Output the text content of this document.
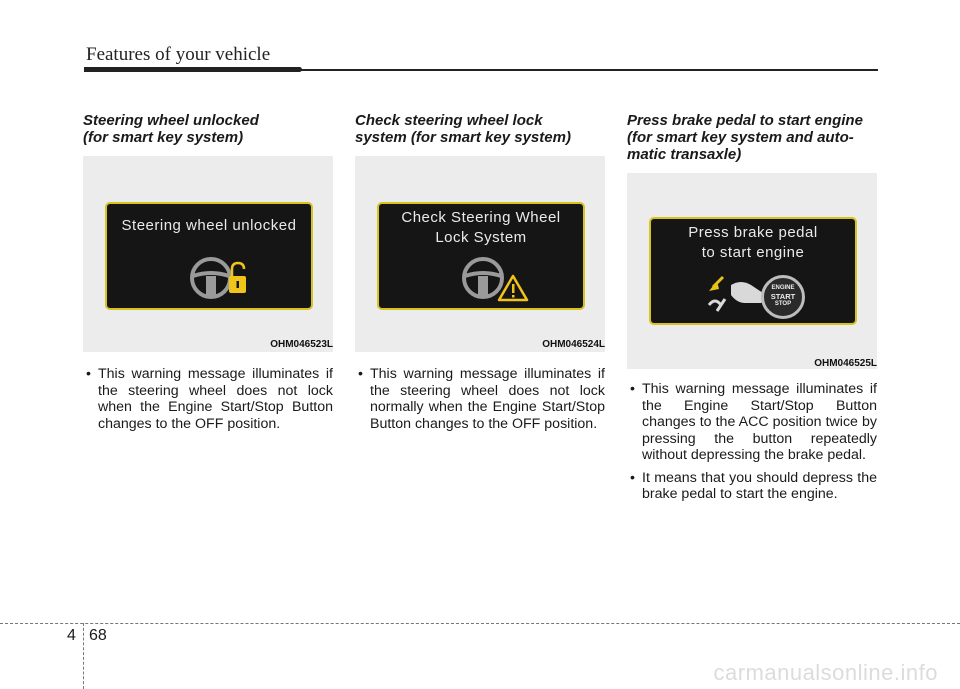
Features of your vehicle
Steering wheel unlocked
(for smart key system)
Steering wheel unlocked
OHM046523L
• This warning message illuminates if the steering wheel does not lock when the Engine Start/Stop Button changes to the OFF position.
Check steering wheel lock
system (for smart key system)
Check Steering Wheel
Lock System
OHM046524L
• This warning message illuminates if the steering wheel does not lock normally when the Engine Start/Stop Button changes to the OFF position.
Press brake pedal to start engine
(for smart key system and auto-
matic transaxle)
Press brake pedal
to start engine
ENGINE
START
STOP
OHM046525L
• This warning message illuminates if the Engine Start/Stop Button changes to the ACC position twice by pressing the button repeatedly without depressing the brake pedal.
• It means that you should depress the brake pedal to start the engine.
4 68
carmanualsonline.info
